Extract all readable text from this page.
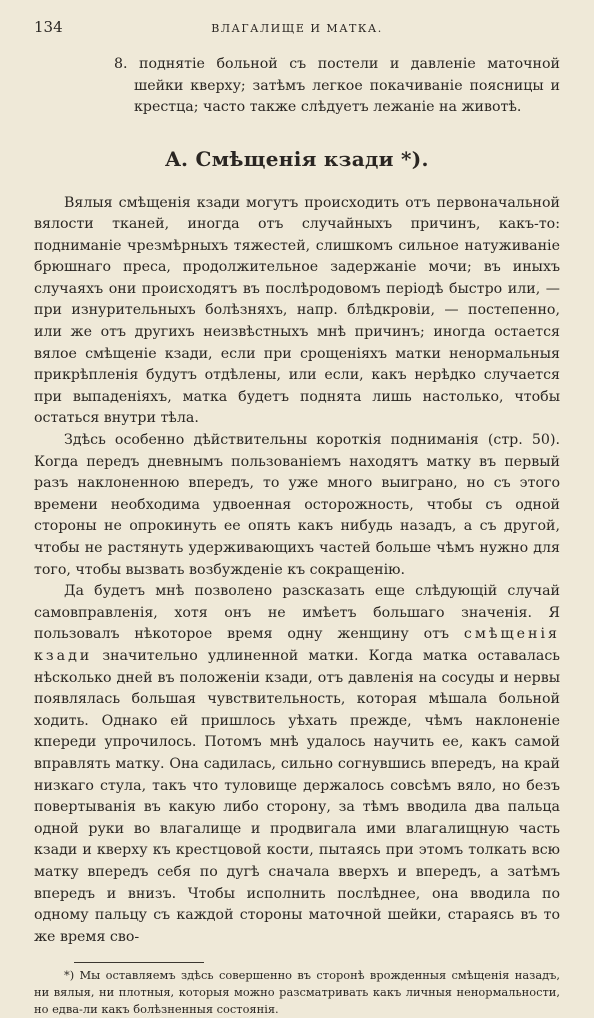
134	ВЛАГАЛИЩЕ И МАТКА.

8. поднятіе больной съ постели и давленіе маточной шейки кверху; затѣмъ легкое покачиваніе поясницы и крестца; часто также слѣдуетъ лежаніе на животѣ.

A. Смѣщенія кзади *).

Вялыя смѣщенія кзади могутъ происходить отъ первоначальной вялости тканей, иногда отъ случайныхъ причинъ, какъ-то: подниманіе чрезмѣрныхъ тяжестей, слишкомъ сильное натуживаніе брюшнаго преса, продолжительное задержаніе мочи; въ иныхъ случаяхъ они происходятъ въ послѣродовомъ періодѣ быстро или, — при изнурительныхъ болѣзняхъ, напр. блѣдкровіи, — постепенно, или же отъ другихъ неизвѣстныхъ мнѣ причинъ; иногда остается вялое смѣщеніе кзади, если при срощеніяхъ матки ненормальныя прикрѣпленія будутъ отдѣлены, или если, какъ нерѣдко случается при выпаденіяхъ, матка будетъ поднята лишь настолько, чтобы остаться внутри тѣла.

Здѣсь особенно дѣйствительны короткія подниманія (стр. 50). Когда передъ дневнымъ пользованіемъ находятъ матку въ первый разъ наклоненною впередъ, то уже много выиграно, но съ этого времени необходима удвоенная осторожность, чтобы съ одной стороны не опрокинуть ее опять какъ нибудь назадъ, а съ другой, чтобы не растянуть удерживающихъ частей больше чѣмъ нужно для того, чтобы вызвать возбужденіе къ сокращенію.

Да будетъ мнѣ позволено разсказать еще слѣдующій случай самовправленія, хотя онъ не имѣетъ большаго значенія. Я пользовалъ нѣкоторое время одну женщину отъ смѣщенія кзади значительно удлиненной матки. Когда матка оставалась нѣсколько дней въ положеніи кзади, отъ давленія на сосуды и нервы появлялась большая чувствительность, которая мѣшала больной ходить. Однако ей пришлось уѣхать прежде, чѣмъ наклоненіе кпереди упрочилось. Потомъ мнѣ удалось научить ее, какъ самой вправлять матку. Она садилась, сильно согнувшись впередъ, на край низкаго стула, такъ что туловище держалось совсѣмъ вяло, но безъ повертыванія въ какую либо сторону, за тѣмъ вводила два пальца одной руки во влагалище и продвигала ими влагалищную часть кзади и кверху къ крестцовой кости, пытаясь при этомъ толкать всю матку впередъ себя по дугѣ сначала вверхъ и впередъ, а затѣмъ впередъ и внизъ. Чтобы исполнить послѣднее, она вводила по одному пальцу съ каждой стороны маточной шейки, стараясь въ то же время сво-

*) Мы оставляемъ здѣсь совершенно въ сторонѣ врожденныя смѣщенія назадъ, ни вялыя, ни плотныя, которыя можно разсматривать какъ личныя ненормальности, но едва-ли какъ болѣзненныя состоянія.
